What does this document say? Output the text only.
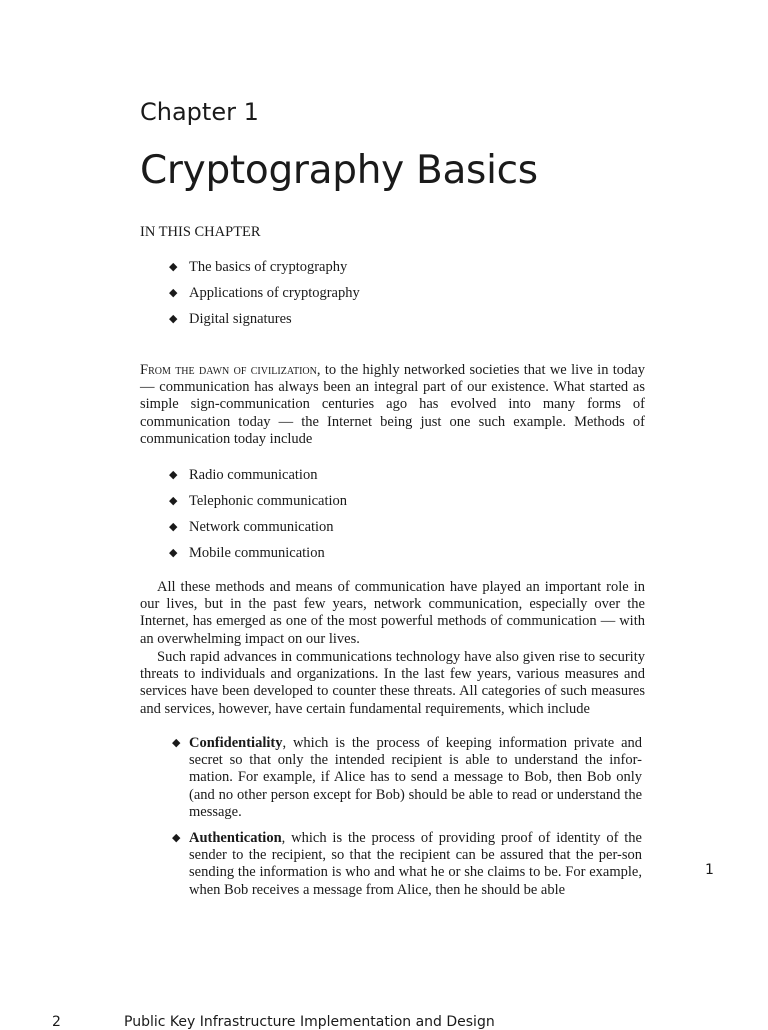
Chapter 1
Cryptography Basics

IN THIS CHAPTER

◆ The basics of cryptography
◆ Applications of cryptography
◆ Digital signatures

From the dawn of civilization, to the highly networked societies that we live in today — communication has always been an integral part of our existence. What started as simple sign-communication centuries ago has evolved into many forms of communication today — the Internet being just one such example. Methods of communication today include

◆ Radio communication
◆ Telephonic communication
◆ Network communication
◆ Mobile communication

All these methods and means of communication have played an important role in our lives, but in the past few years, network communication, especially over the Internet, has emerged as one of the most powerful methods of communication — with an overwhelming impact on our lives.

Such rapid advances in communications technology have also given rise to security threats to individuals and organizations. In the last few years, various measures and services have been developed to counter these threats. All categories of such measures and services, however, have certain fundamental requirements, which include

◆ Confidentiality, which is the process of keeping information private and secret so that only the intended recipient is able to understand the infor-mation. For example, if Alice has to send a message to Bob, then Bob only (and no other person except for Bob) should be able to read or understand the message.
◆ Authentication, which is the process of providing proof of identity of the sender to the recipient, so that the recipient can be assured that the per-son sending the information is who and what he or she claims to be. For example, when Bob receives a message from Alice, then he should be able
1
2	Public Key Infrastructure Implementation and Design
